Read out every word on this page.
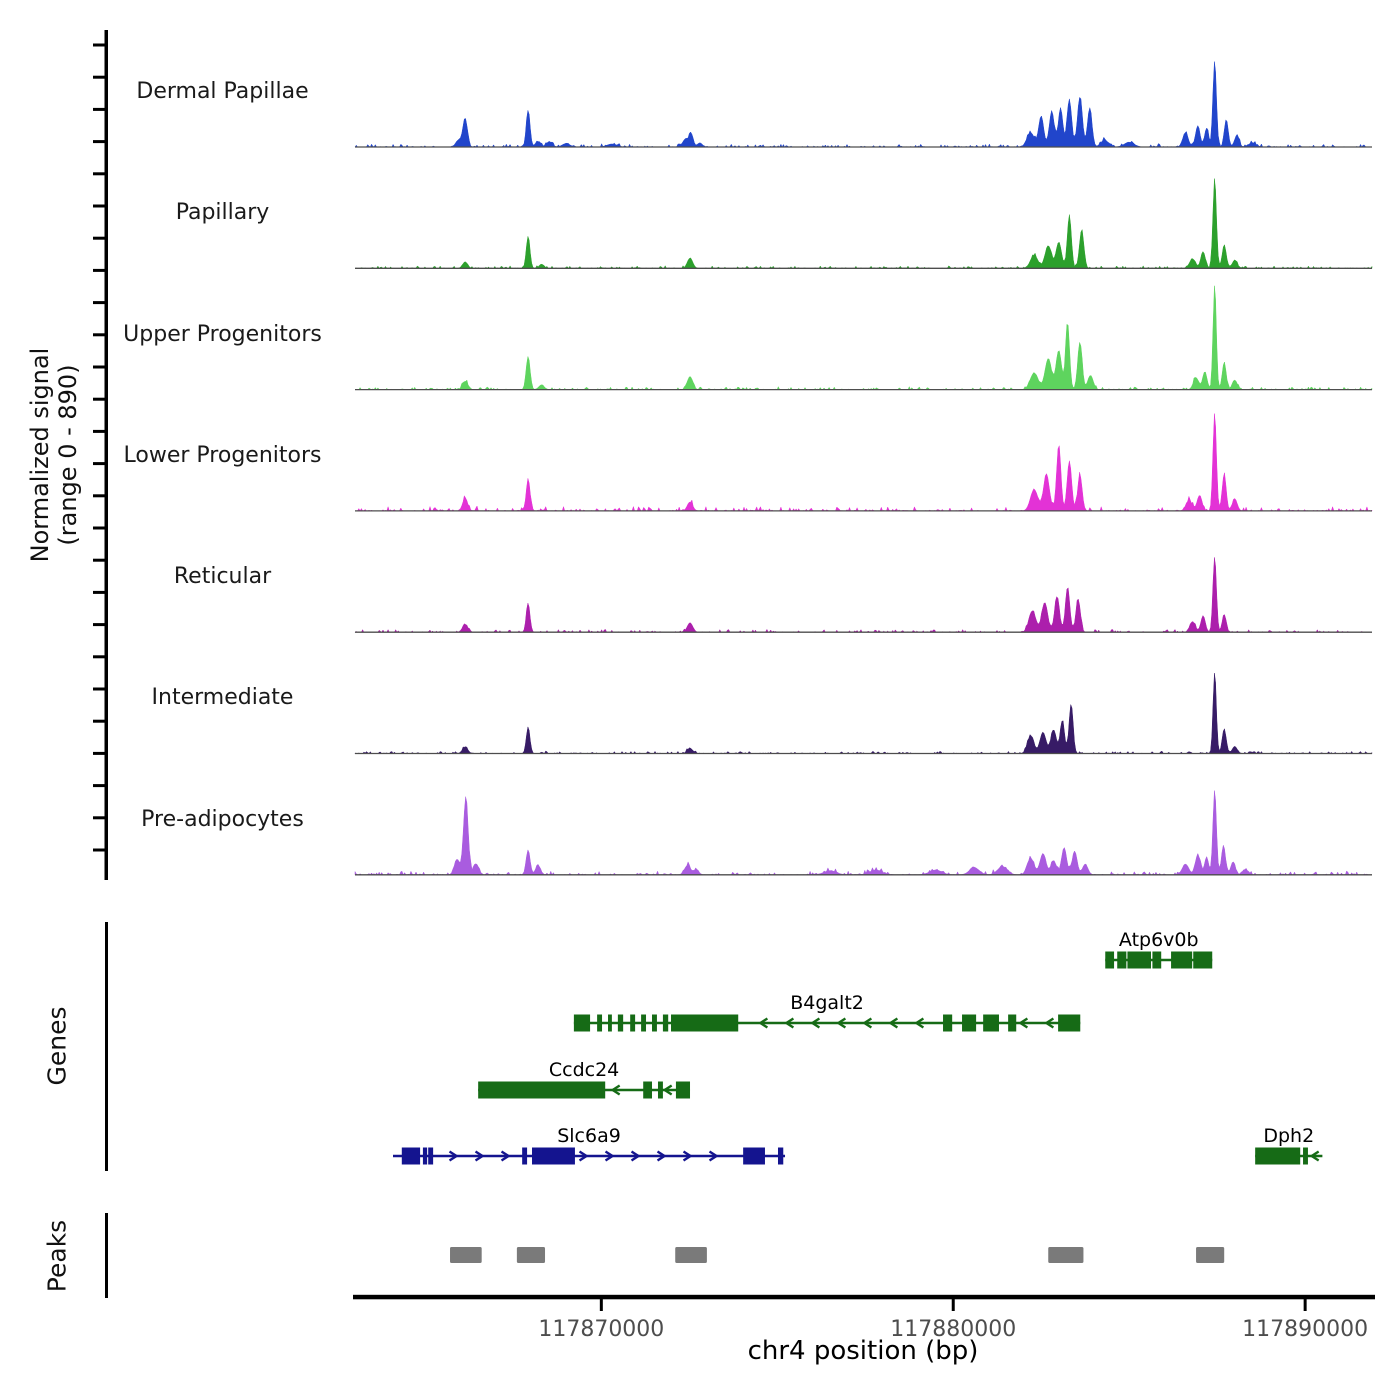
Normalized signal (range 0 - 890)
Dermal Papillae
Papillary
Upper Progenitors
Lower Progenitors
Reticular
Intermediate
Pre-adipocytes
Genes
Peaks
chr4 position (bp)
Atp6v0b
B4galt2
Ccdc24
Slc6a9	Dph2
117870000	117880000	117890000
